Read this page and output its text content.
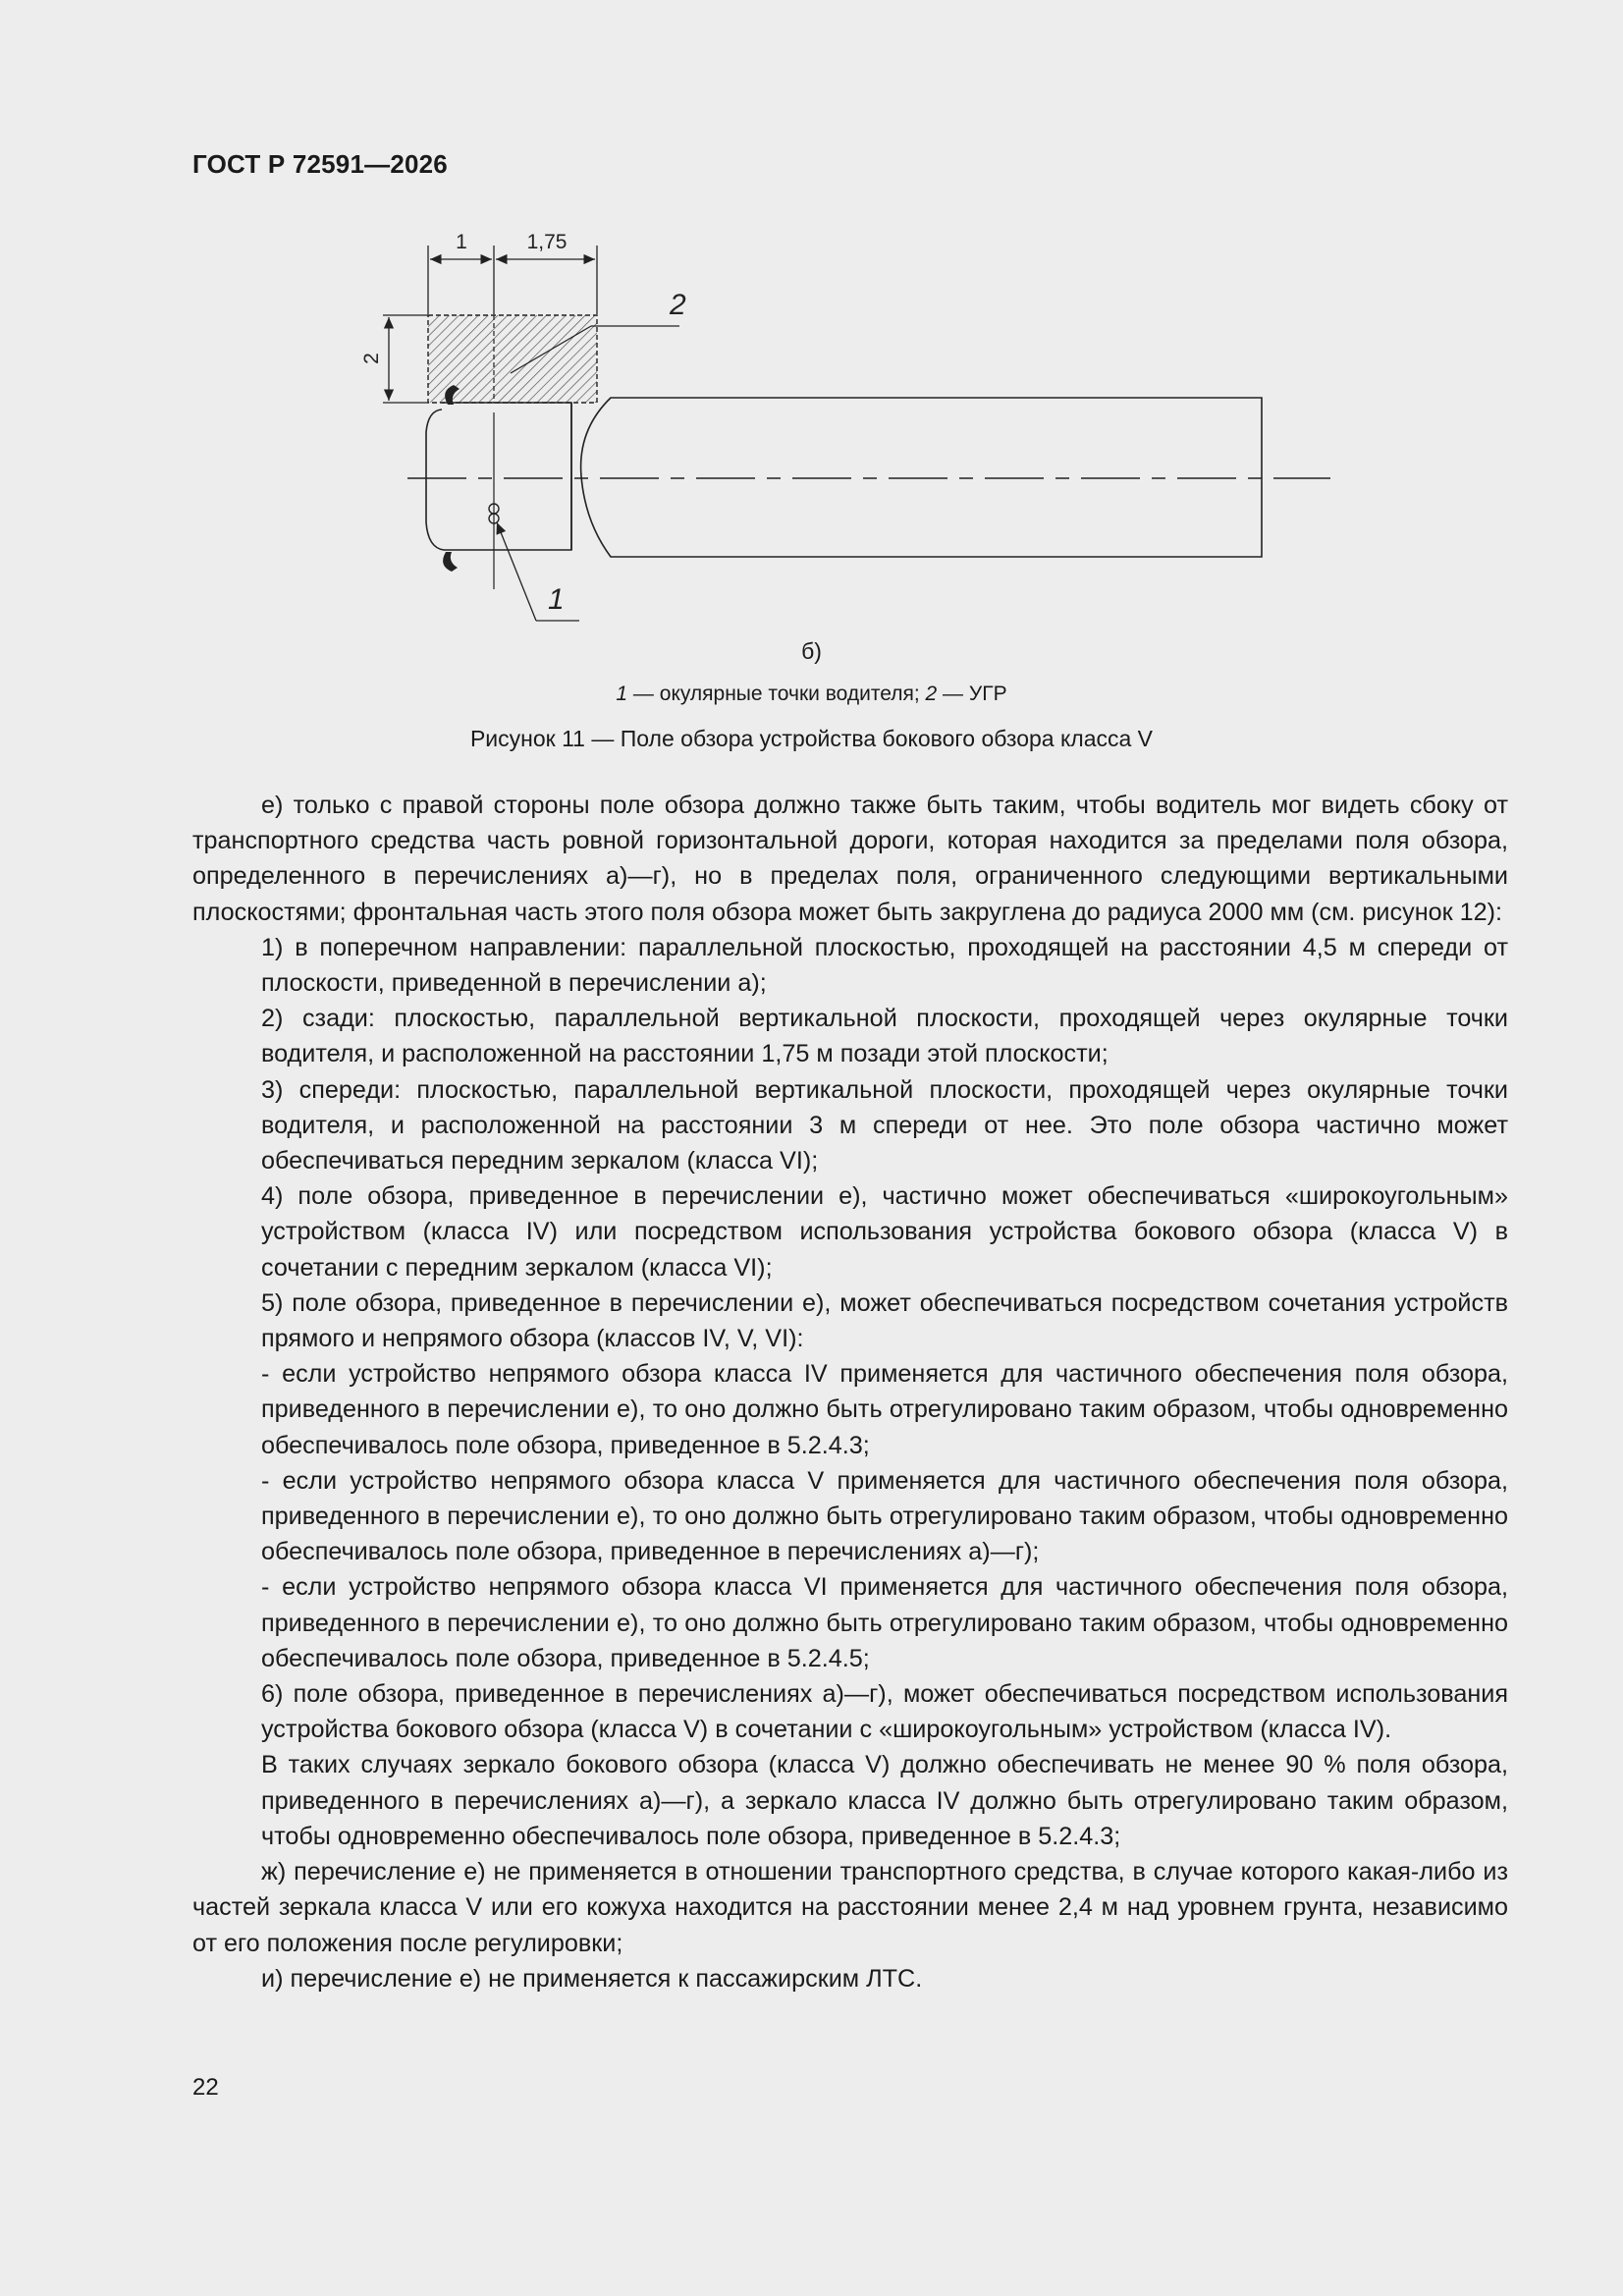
ГОСТ Р 72591—2026
1	1,75
2
2
1
б)
1 — окулярные точки водителя; 2 — УГР
Рисунок 11 — Поле обзора устройства бокового обзора класса V

е) только с правой стороны поле обзора должно также быть таким, чтобы водитель мог видеть сбоку от транспортного средства часть ровной горизонтальной дороги, которая находится за пределами поля обзора, определенного в перечислениях а)—г), но в пределах поля, ограниченного следующими вертикальными плоскостями; фронтальная часть этого поля обзора может быть закруглена до радиуса 2000 мм (см. рисунок 12):

1) в поперечном направлении: параллельной плоскостью, проходящей на расстоянии 4,5 м спереди от плоскости, приведенной в перечислении а);

2) сзади: плоскостью, параллельной вертикальной плоскости, проходящей через окулярные точки водителя, и расположенной на расстоянии 1,75 м позади этой плоскости;

3) спереди: плоскостью, параллельной вертикальной плоскости, проходящей через окулярные точки водителя, и расположенной на расстоянии 3 м спереди от нее. Это поле обзора частично может обеспечиваться передним зеркалом (класса VI);

4) поле обзора, приведенное в перечислении е), частично может обеспечиваться «широкоугольным» устройством (класса IV) или посредством использования устройства бокового обзора (класса V) в сочетании с передним зеркалом (класса VI);

5) поле обзора, приведенное в перечислении е), может обеспечиваться посредством сочетания устройств прямого и непрямого обзора (классов IV, V, VI):

- если устройство непрямого обзора класса IV применяется для частичного обеспечения поля обзора, приведенного в перечислении е), то оно должно быть отрегулировано таким образом, чтобы одновременно обеспечивалось поле обзора, приведенное в 5.2.4.3;

- если устройство непрямого обзора класса V применяется для частичного обеспечения поля обзора, приведенного в перечислении е), то оно должно быть отрегулировано таким образом, чтобы одновременно обеспечивалось поле обзора, приведенное в перечислениях а)—г);

- если устройство непрямого обзора класса VI применяется для частичного обеспечения поля обзора, приведенного в перечислении е), то оно должно быть отрегулировано таким образом, чтобы одновременно обеспечивалось поле обзора, приведенное в 5.2.4.5;

6) поле обзора, приведенное в перечислениях а)—г), может обеспечиваться посредством использования устройства бокового обзора (класса V) в сочетании с «широкоугольным» устройством (класса IV).

В таких случаях зеркало бокового обзора (класса V) должно обеспечивать не менее 90 % поля обзора, приведенного в перечислениях а)—г), а зеркало класса IV должно быть отрегулировано таким образом, чтобы одновременно обеспечивалось поле обзора, приведенное в 5.2.4.3;

ж) перечисление е) не применяется в отношении транспортного средства, в случае которого какая-либо из частей зеркала класса V или его кожуха находится на расстоянии менее 2,4 м над уровнем грунта, независимо от его положения после регулировки;

и) перечисление е) не применяется к пассажирским ЛТС.

22
